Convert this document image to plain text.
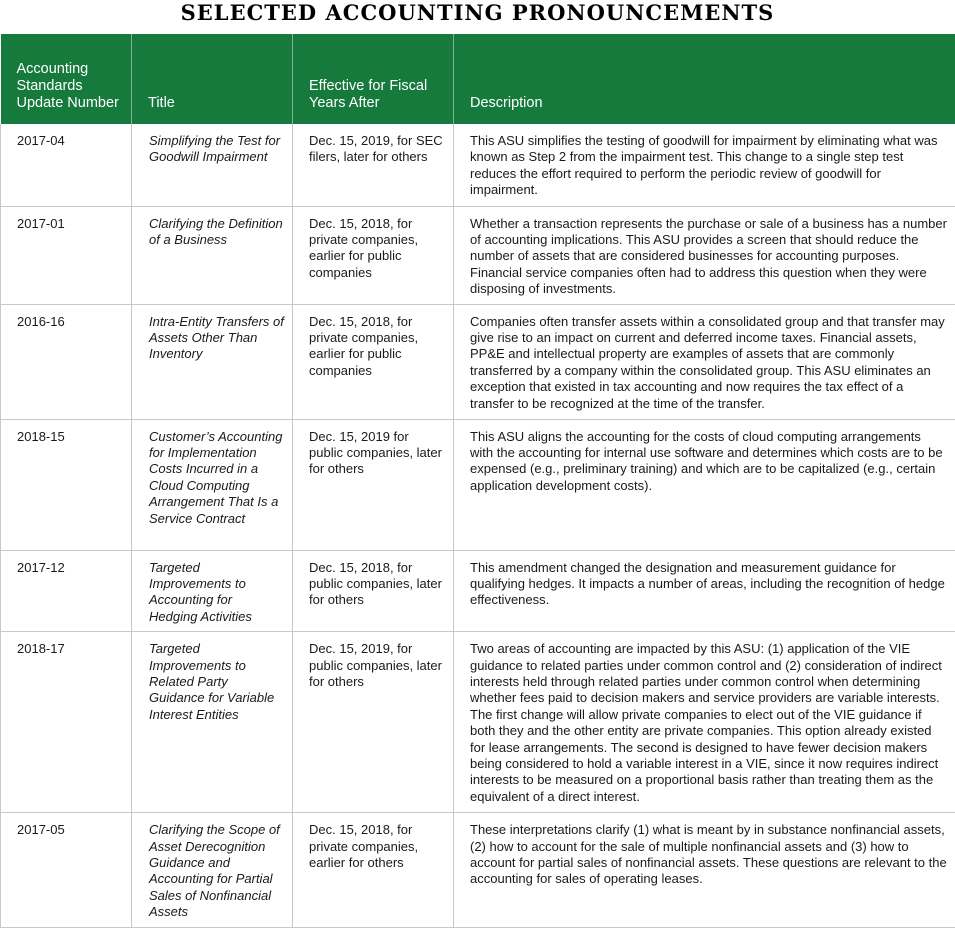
SELECTED ACCOUNTING PRONOUNCEMENTS
Accounting Standards Update Number	Title	Effective for Fiscal Years After	Description
2017-04	Simplifying the Test for Goodwill Impairment	Dec. 15, 2019, for SEC filers, later for others	This ASU simplifies the testing of goodwill for impairment by eliminating what was known as Step 2 from the impairment test. This change to a single step test reduces the effort required to perform the periodic review of goodwill for impairment.
2017-01	Clarifying the Definition of a Business	Dec. 15, 2018, for private companies, earlier for public companies	Whether a transaction represents the purchase or sale of a business has a number of accounting implications. This ASU provides a screen that should reduce the number of assets that are considered businesses for accounting purposes. Financial service companies often had to address this question when they were disposing of investments.
2016-16	Intra-Entity Transfers of Assets Other Than Inventory	Dec. 15, 2018, for private companies, earlier for public companies	Companies often transfer assets within a consolidated group and that transfer may give rise to an impact on current and deferred income taxes. Financial assets, PP&E and intellectual property are examples of assets that are commonly transferred by a company within the consolidated group. This ASU eliminates an exception that existed in tax accounting and now requires the tax effect of a transfer to be recognized at the time of the transfer.
2018-15	Customer’s Accounting for Implementation Costs Incurred in a Cloud Computing Arrangement That Is a Service Contract	Dec. 15, 2019 for public companies, later for others	This ASU aligns the accounting for the costs of cloud computing arrangements with the accounting for internal use software and determines which costs are to be expensed (e.g., preliminary training) and which are to be capitalized (e.g., certain application development costs).
2017-12	Targeted Improvements to Accounting for Hedging Activities	Dec. 15, 2018, for public companies, later for others	This amendment changed the designation and measurement guidance for qualifying hedges. It impacts a number of areas, including the recognition of hedge effectiveness.
2018-17	Targeted Improvements to Related Party Guidance for Variable Interest Entities	Dec. 15, 2019, for public companies, later for others	Two areas of accounting are impacted by this ASU: (1) application of the VIE guidance to related parties under common control and (2) consideration of indirect interests held through related parties under common control when determining whether fees paid to decision makers and service providers are variable interests. The first change will allow private companies to elect out of the VIE guidance if both they and the other entity are private companies. This option already existed for lease arrangements. The second is designed to have fewer decision makers being considered to hold a variable interest in a VIE, since it now requires indirect interests to be measured on a proportional basis rather than treating them as the equivalent of a direct interest.
2017-05	Clarifying the Scope of Asset Derecognition Guidance and Accounting for Partial Sales of Nonfinancial Assets	Dec. 15, 2018, for private companies, earlier for others	These interpretations clarify (1) what is meant by in substance nonfinancial assets, (2) how to account for the sale of multiple nonfinancial assets and (3) how to account for partial sales of nonfinancial assets. These questions are relevant to the accounting for sales of operating leases.
